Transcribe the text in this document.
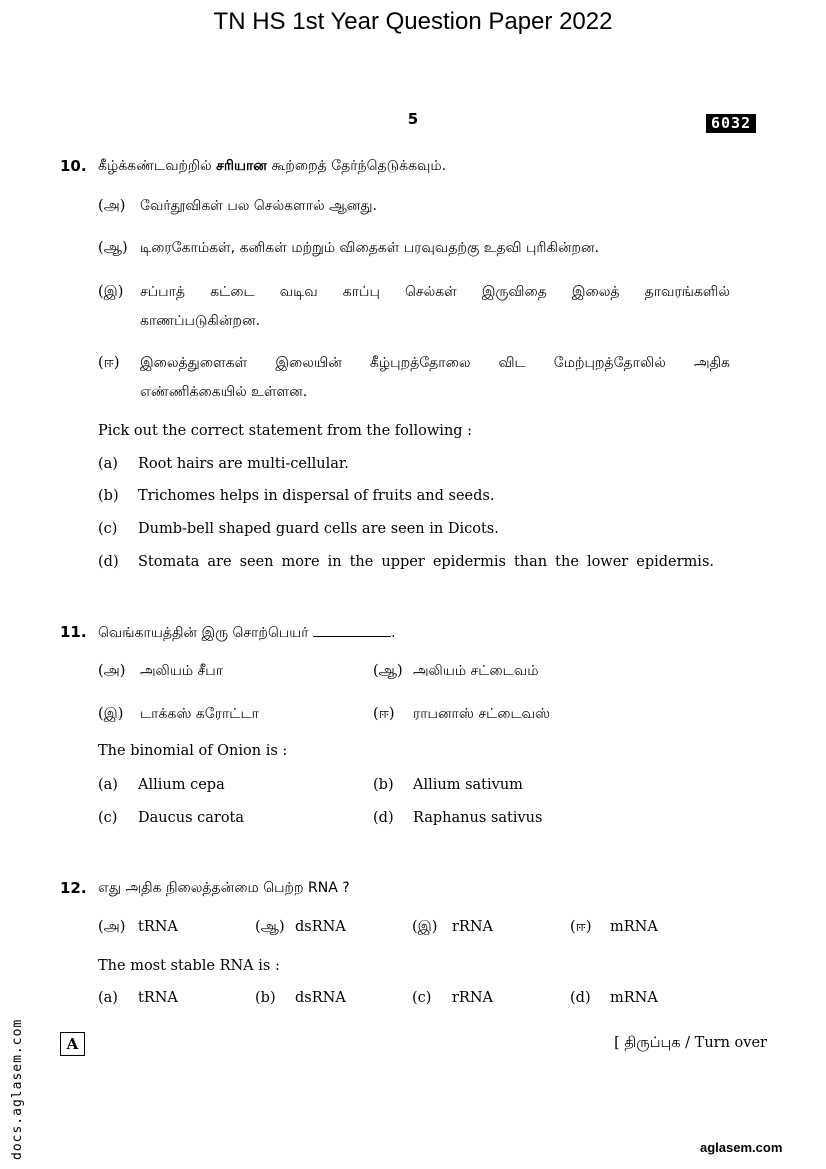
TN HS 1st Year Question Paper 2022
5	6032
10. கீழ்க்கண்டவற்றில் சரியான கூற்றைத் தேர்ந்தெடுக்கவும்.
(அ) வேர்தூவிகள் பல செல்களால் ஆனது.
(ஆ) டிரைகோம்கள், கனிகள் மற்றும் விதைகள் பரவுவதற்கு உதவி புரிகின்றன.
(இ) சப்பாத் கட்டை வடிவ காப்பு செல்கள் இருவிதை இலைத் தாவரங்களில்
காணப்படுகின்றன.
(ஈ) இலைத்துளைகள் இலையின் கீழ்புறத்தோலை விட மேற்புறத்தோலில் அதிக
எண்ணிக்கையில் உள்ளன.
Pick out the correct statement from the following :
(a) Root hairs are multi-cellular.
(b) Trichomes helps in dispersal of fruits and seeds.
(c) Dumb-bell shaped guard cells are seen in Dicots.
(d) Stomata are seen more in the upper epidermis than the lower epidermis.
11. வெங்காயத்தின் இரு சொற்பெயர்	.
(அ) அலியம் சீபா	(ஆ) அலியம் சட்டைவம்
(இ) டாக்கஸ் கரோட்டா	(ஈ) ராபனாஸ் சட்டைவஸ்
The binomial of Onion is :
(a) Allium cepa	(b) Allium sativum
(c) Daucus carota	(d) Raphanus sativus
12. எது அதிக நிலைத்தன்மை பெற்ற RNA ?
(அ) tRNA	(ஆ) dsRNA	(இ) rRNA	(ஈ) mRNA
The most stable RNA is :
(a) tRNA	(b) dsRNA	(c) rRNA	(d) mRNA
A	[ திருப்புக / Turn over
docs.aglasem.com	aglasem.com
